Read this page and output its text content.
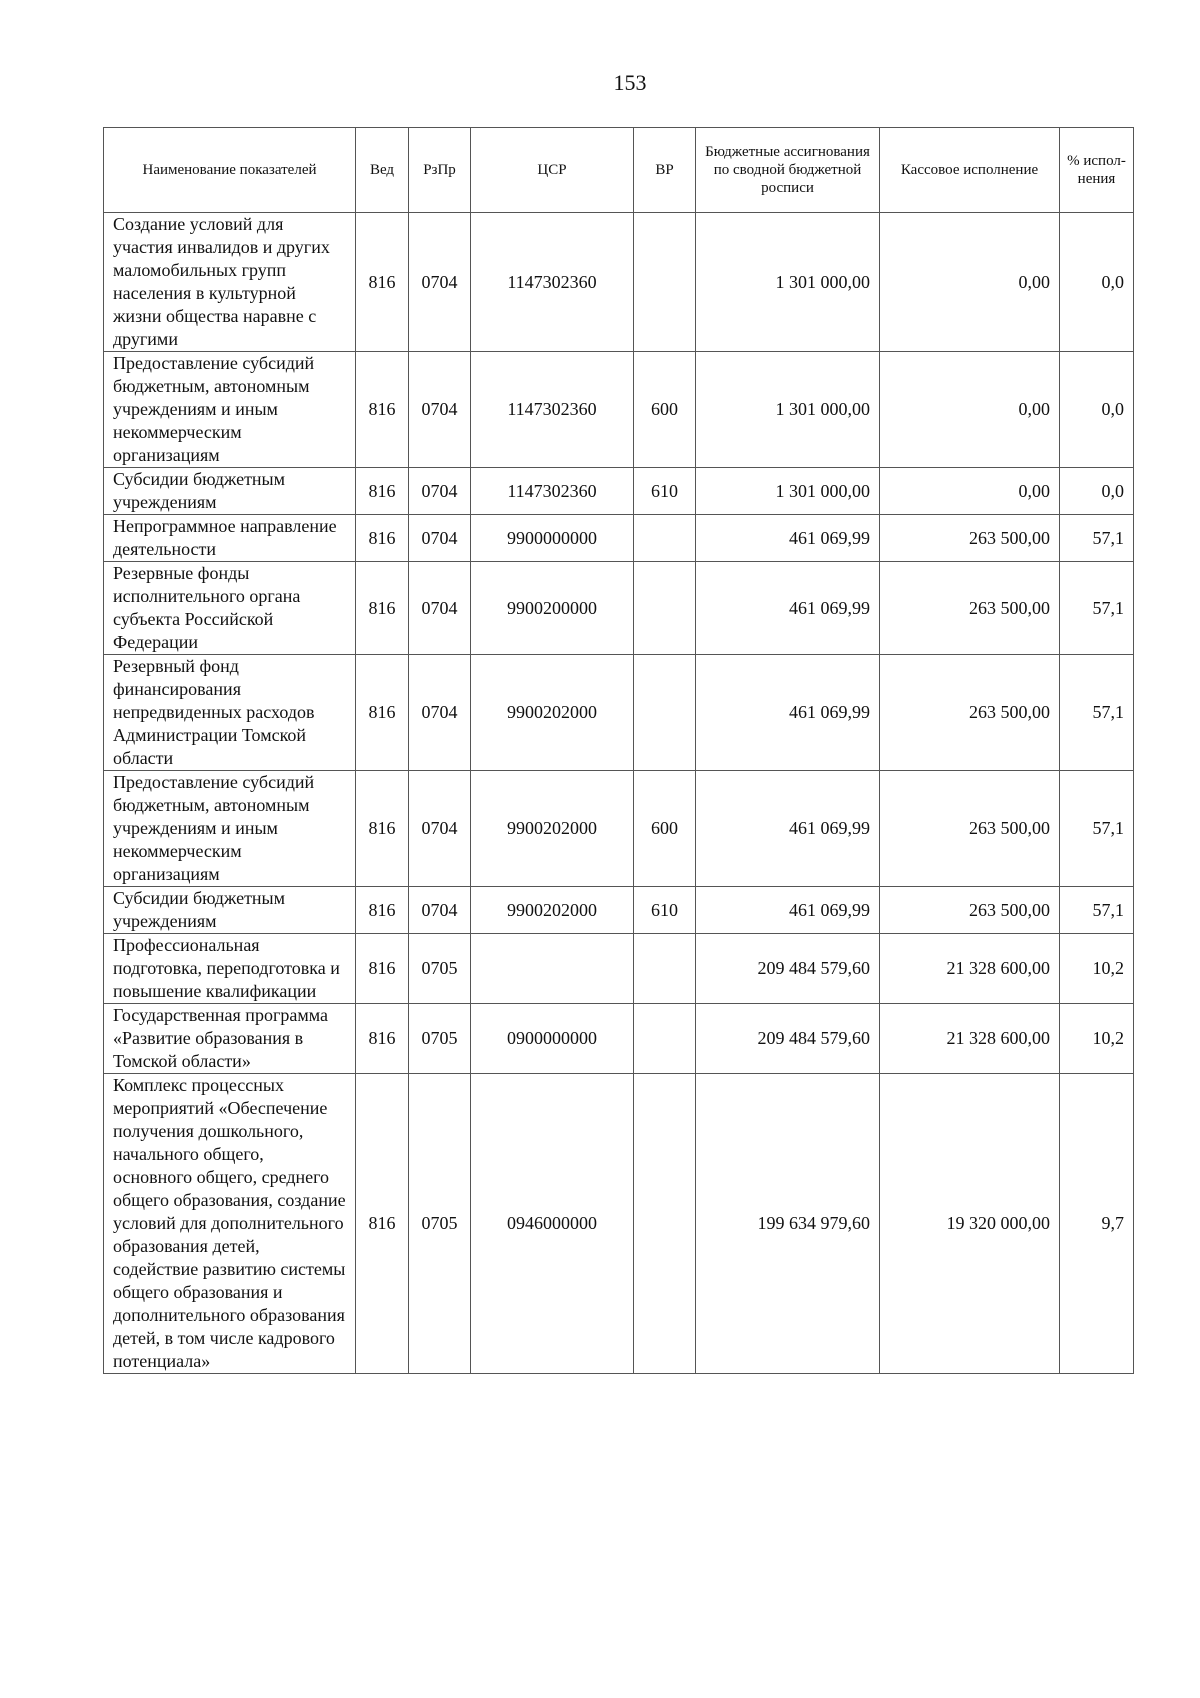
153
Наименование показателей	Вед	РзПр	ЦСР	ВР	Бюджетные ассигнования по сводной бюджетной росписи	Кассовое исполнение	% испол-нения
Создание условий для участия инвалидов и других маломобильных групп населения в культурной жизни общества наравне с другими	816	0704	1147302360		1 301 000,00	0,00	0,0
Предоставление субсидий бюджетным, автономным учреждениям и иным некоммерческим организациям	816	0704	1147302360	600	1 301 000,00	0,00	0,0
Субсидии бюджетным учреждениям	816	0704	1147302360	610	1 301 000,00	0,00	0,0
Непрограммное направление деятельности	816	0704	9900000000		461 069,99	263 500,00	57,1
Резервные фонды исполнительного органа субъекта Российской Федерации	816	0704	9900200000		461 069,99	263 500,00	57,1
Резервный фонд финансирования непредвиденных расходов Администрации Томской области	816	0704	9900202000		461 069,99	263 500,00	57,1
Предоставление субсидий бюджетным, автономным учреждениям и иным некоммерческим организациям	816	0704	9900202000	600	461 069,99	263 500,00	57,1
Субсидии бюджетным учреждениям	816	0704	9900202000	610	461 069,99	263 500,00	57,1
Профессиональная подготовка, переподготовка и повышение квалификации	816	0705			209 484 579,60	21 328 600,00	10,2
Государственная программа «Развитие образования в Томской области»	816	0705	0900000000		209 484 579,60	21 328 600,00	10,2
Комплекс процессных мероприятий «Обеспечение получения дошкольного, начального общего, основного общего, среднего общего образования, создание условий для дополнительного образования детей, содействие развитию системы общего образования и дополнительного образования детей, в том числе кадрового потенциала»	816	0705	0946000000		199 634 979,60	19 320 000,00	9,7
